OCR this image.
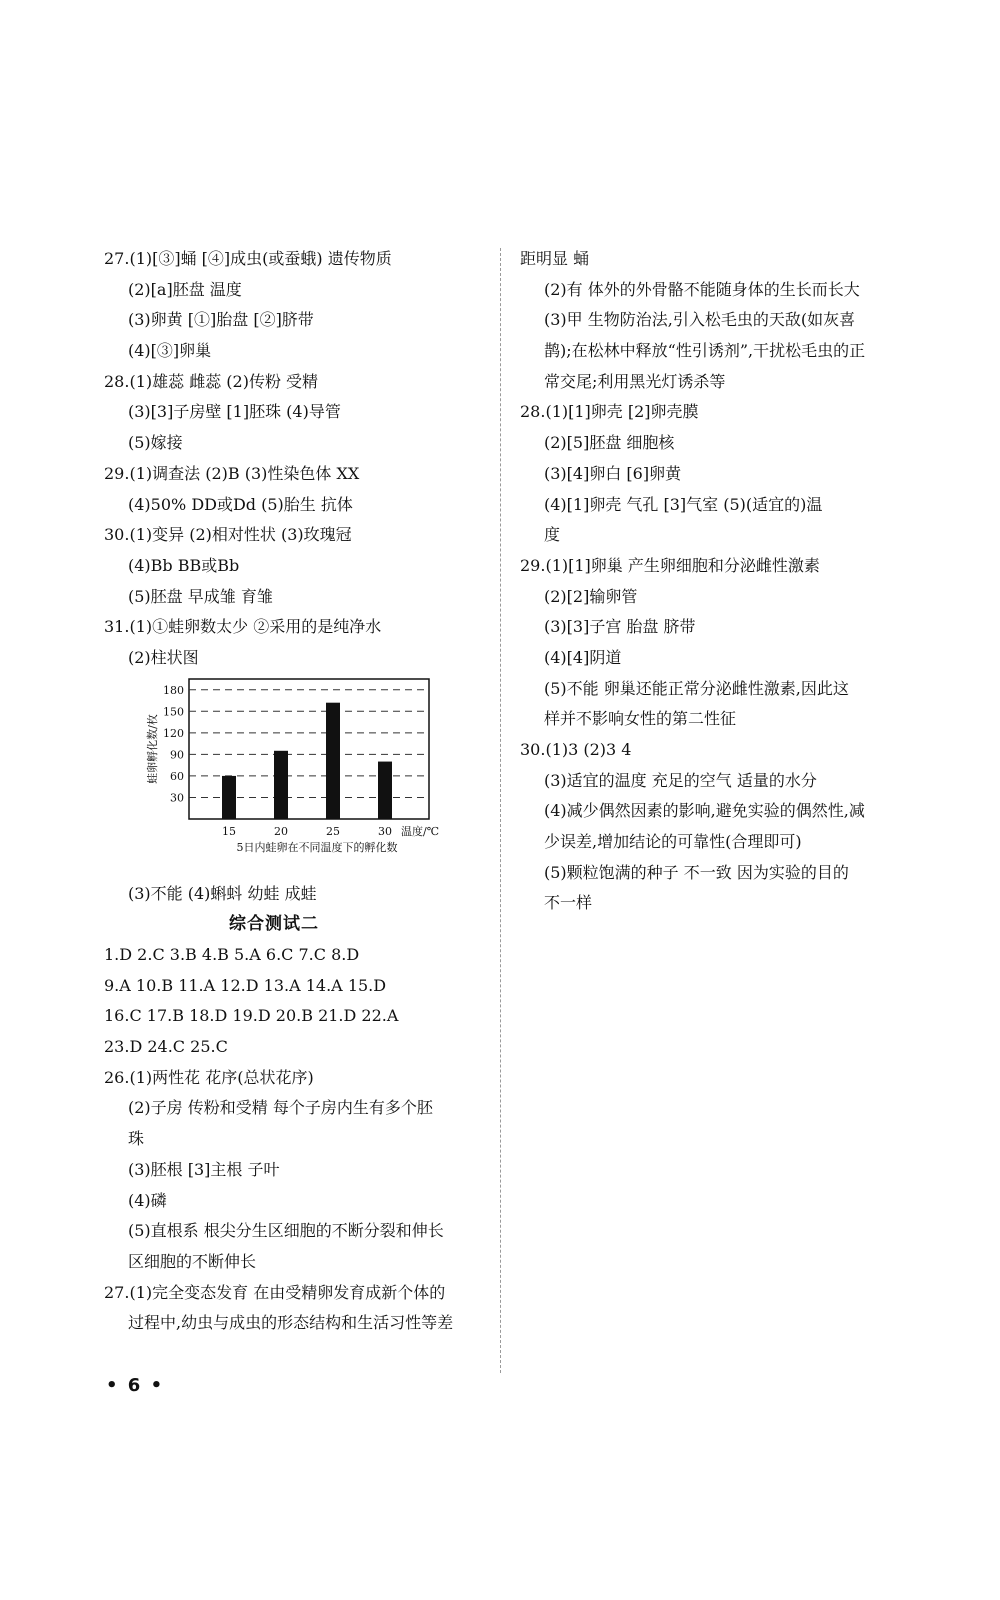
27.(1)[③]蛹 [④]成虫(或蚕蛾) 遗传物质
(2)[a]胚盘 温度
(3)卵黄 [①]胎盘 [②]脐带
(4)[③]卵巢
28.(1)雄蕊 雌蕊 (2)传粉 受精
(3)[3]子房壁 [1]胚珠 (4)导管
(5)嫁接
29.(1)调查法 (2)B (3)性染色体 XX
(4)50% DD或Dd (5)胎生 抗体
30.(1)变异 (2)相对性状 (3)玫瑰冠
(4)Bb BB或Bb
(5)胚盘 早成雏 育雏
31.(1)①蛙卵数太少 ②采用的是纯净水
(2)柱状图
30
60
90
120
150
180
15	20	25	30 温度/℃
5日内蛙卵在不同温度下的孵化数
蛙卵孵化数/枚
(3)不能 (4)蝌蚪 幼蛙 成蛙
综合测试二
1.D 2.C 3.B 4.B 5.A 6.C 7.C 8.D
9.A 10.B 11.A 12.D 13.A 14.A 15.D
16.C 17.B 18.D 19.D 20.B 21.D 22.A
23.D 24.C 25.C
26.(1)两性花 花序(总状花序)
(2)子房 传粉和受精 每个子房内生有多个胚
珠
(3)胚根 [3]主根 子叶
(4)磷
(5)直根系 根尖分生区细胞的不断分裂和伸长
区细胞的不断伸长
27.(1)完全变态发育 在由受精卵发育成新个体的
过程中,幼虫与成虫的形态结构和生活习性等差
距明显 蛹
(2)有 体外的外骨骼不能随身体的生长而长大
(3)甲 生物防治法,引入松毛虫的天敌(如灰喜
鹊);在松林中释放“性引诱剂”,干扰松毛虫的正
常交尾;利用黑光灯诱杀等
28.(1)[1]卵壳 [2]卵壳膜
(2)[5]胚盘 细胞核
(3)[4]卵白 [6]卵黄
(4)[1]卵壳 气孔 [3]气室 (5)(适宜的)温
度
29.(1)[1]卵巢 产生卵细胞和分泌雌性激素
(2)[2]输卵管
(3)[3]子宫 胎盘 脐带
(4)[4]阴道
(5)不能 卵巢还能正常分泌雌性激素,因此这
样并不影响女性的第二性征
30.(1)3 (2)3 4
(3)适宜的温度 充足的空气 适量的水分
(4)减少偶然因素的影响,避免实验的偶然性,减
少误差,增加结论的可靠性(合理即可)
(5)颗粒饱满的种子 不一致 因为实验的目的
不一样
• 6 •
